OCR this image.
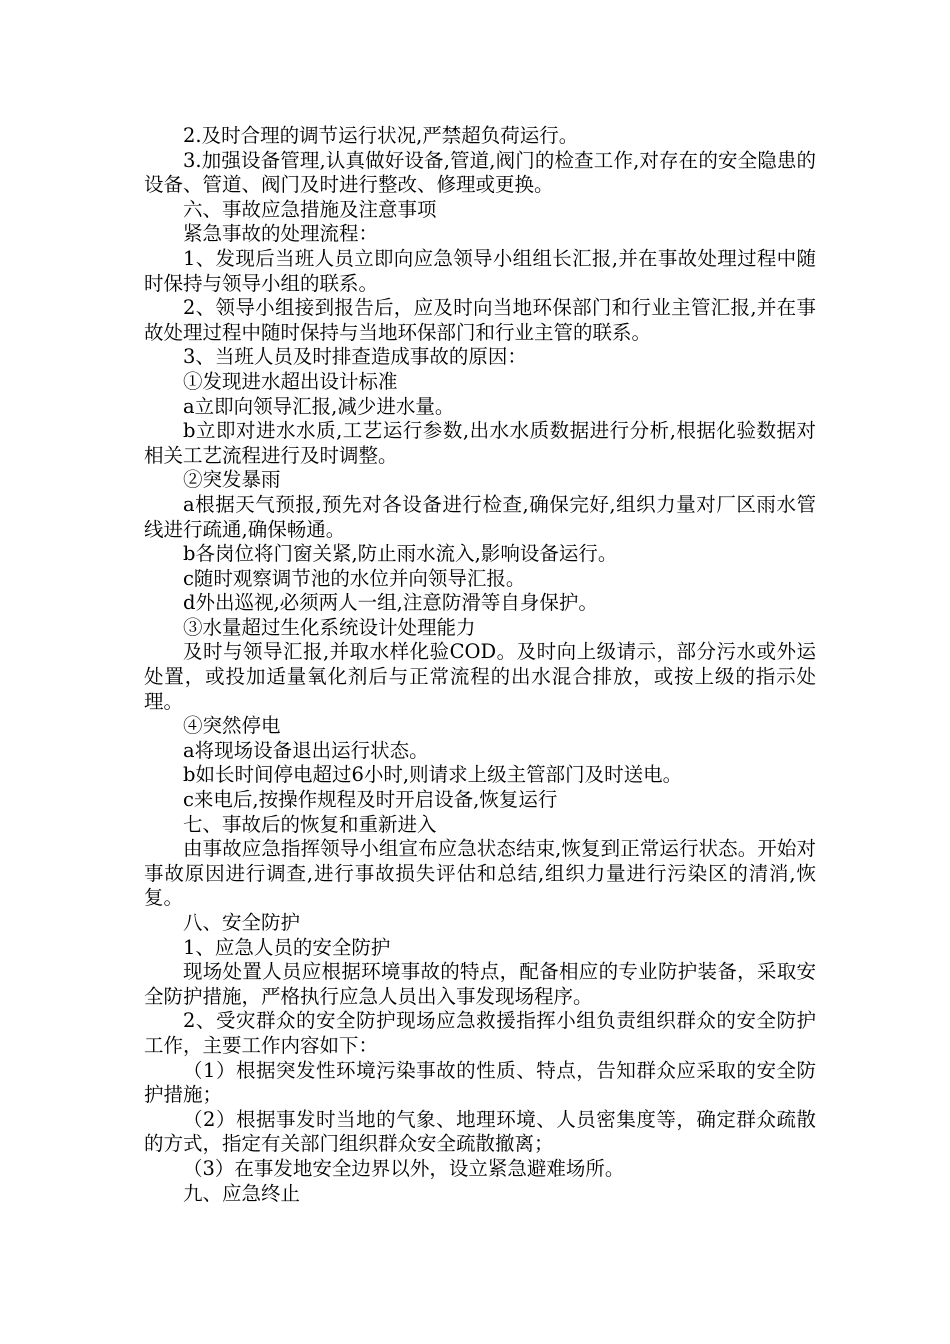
2.及时合理的调节运行状况,严禁超负荷运行。

3.加强设备管理,认真做好设备,管道,阀门的检查工作,对存在的安全隐患的设备、管道、阀门及时进行整改、修理或更换。

六、事故应急措施及注意事项

紧急事故的处理流程：

1、发现后当班人员立即向应急领导小组组长汇报,并在事故处理过程中随时保持与领导小组的联系。

2、领导小组接到报告后，应及时向当地环保部门和行业主管汇报,并在事故处理过程中随时保持与当地环保部门和行业主管的联系。

3、当班人员及时排查造成事故的原因：

①发现进水超出设计标准

a立即向领导汇报,减少进水量。

b立即对进水水质,工艺运行参数,出水水质数据进行分析,根据化验数据对相关工艺流程进行及时调整。

②突发暴雨

a根据天气预报,预先对各设备进行检查,确保完好,组织力量对厂区雨水管线进行疏通,确保畅通。

b各岗位将门窗关紧,防止雨水流入,影响设备运行。

c随时观察调节池的水位并向领导汇报。

d外出巡视,必须两人一组,注意防滑等自身保护。

③水量超过生化系统设计处理能力

及时与领导汇报,并取水样化验COD。及时向上级请示，部分污水或外运处置，或投加适量氧化剂后与正常流程的出水混合排放，或按上级的指示处理。

④突然停电

a将现场设备退出运行状态。

b如长时间停电超过6小时,则请求上级主管部门及时送电。

c来电后,按操作规程及时开启设备,恢复运行

七、事故后的恢复和重新进入

由事故应急指挥领导小组宣布应急状态结束,恢复到正常运行状态。开始对事故原因进行调查,进行事故损失评估和总结,组织力量进行污染区的清消,恢复。

八、安全防护

1、应急人员的安全防护

现场处置人员应根据环境事故的特点，配备相应的专业防护装备，采取安全防护措施，严格执行应急人员出入事发现场程序。

2、受灾群众的安全防护现场应急救援指挥小组负责组织群众的安全防护工作，主要工作内容如下：

（1）根据突发性环境污染事故的性质、特点，告知群众应采取的安全防护措施；

（2）根据事发时当地的气象、地理环境、人员密集度等，确定群众疏散的方式，指定有关部门组织群众安全疏散撤离；

（3）在事发地安全边界以外，设立紧急避难场所。

九、应急终止
